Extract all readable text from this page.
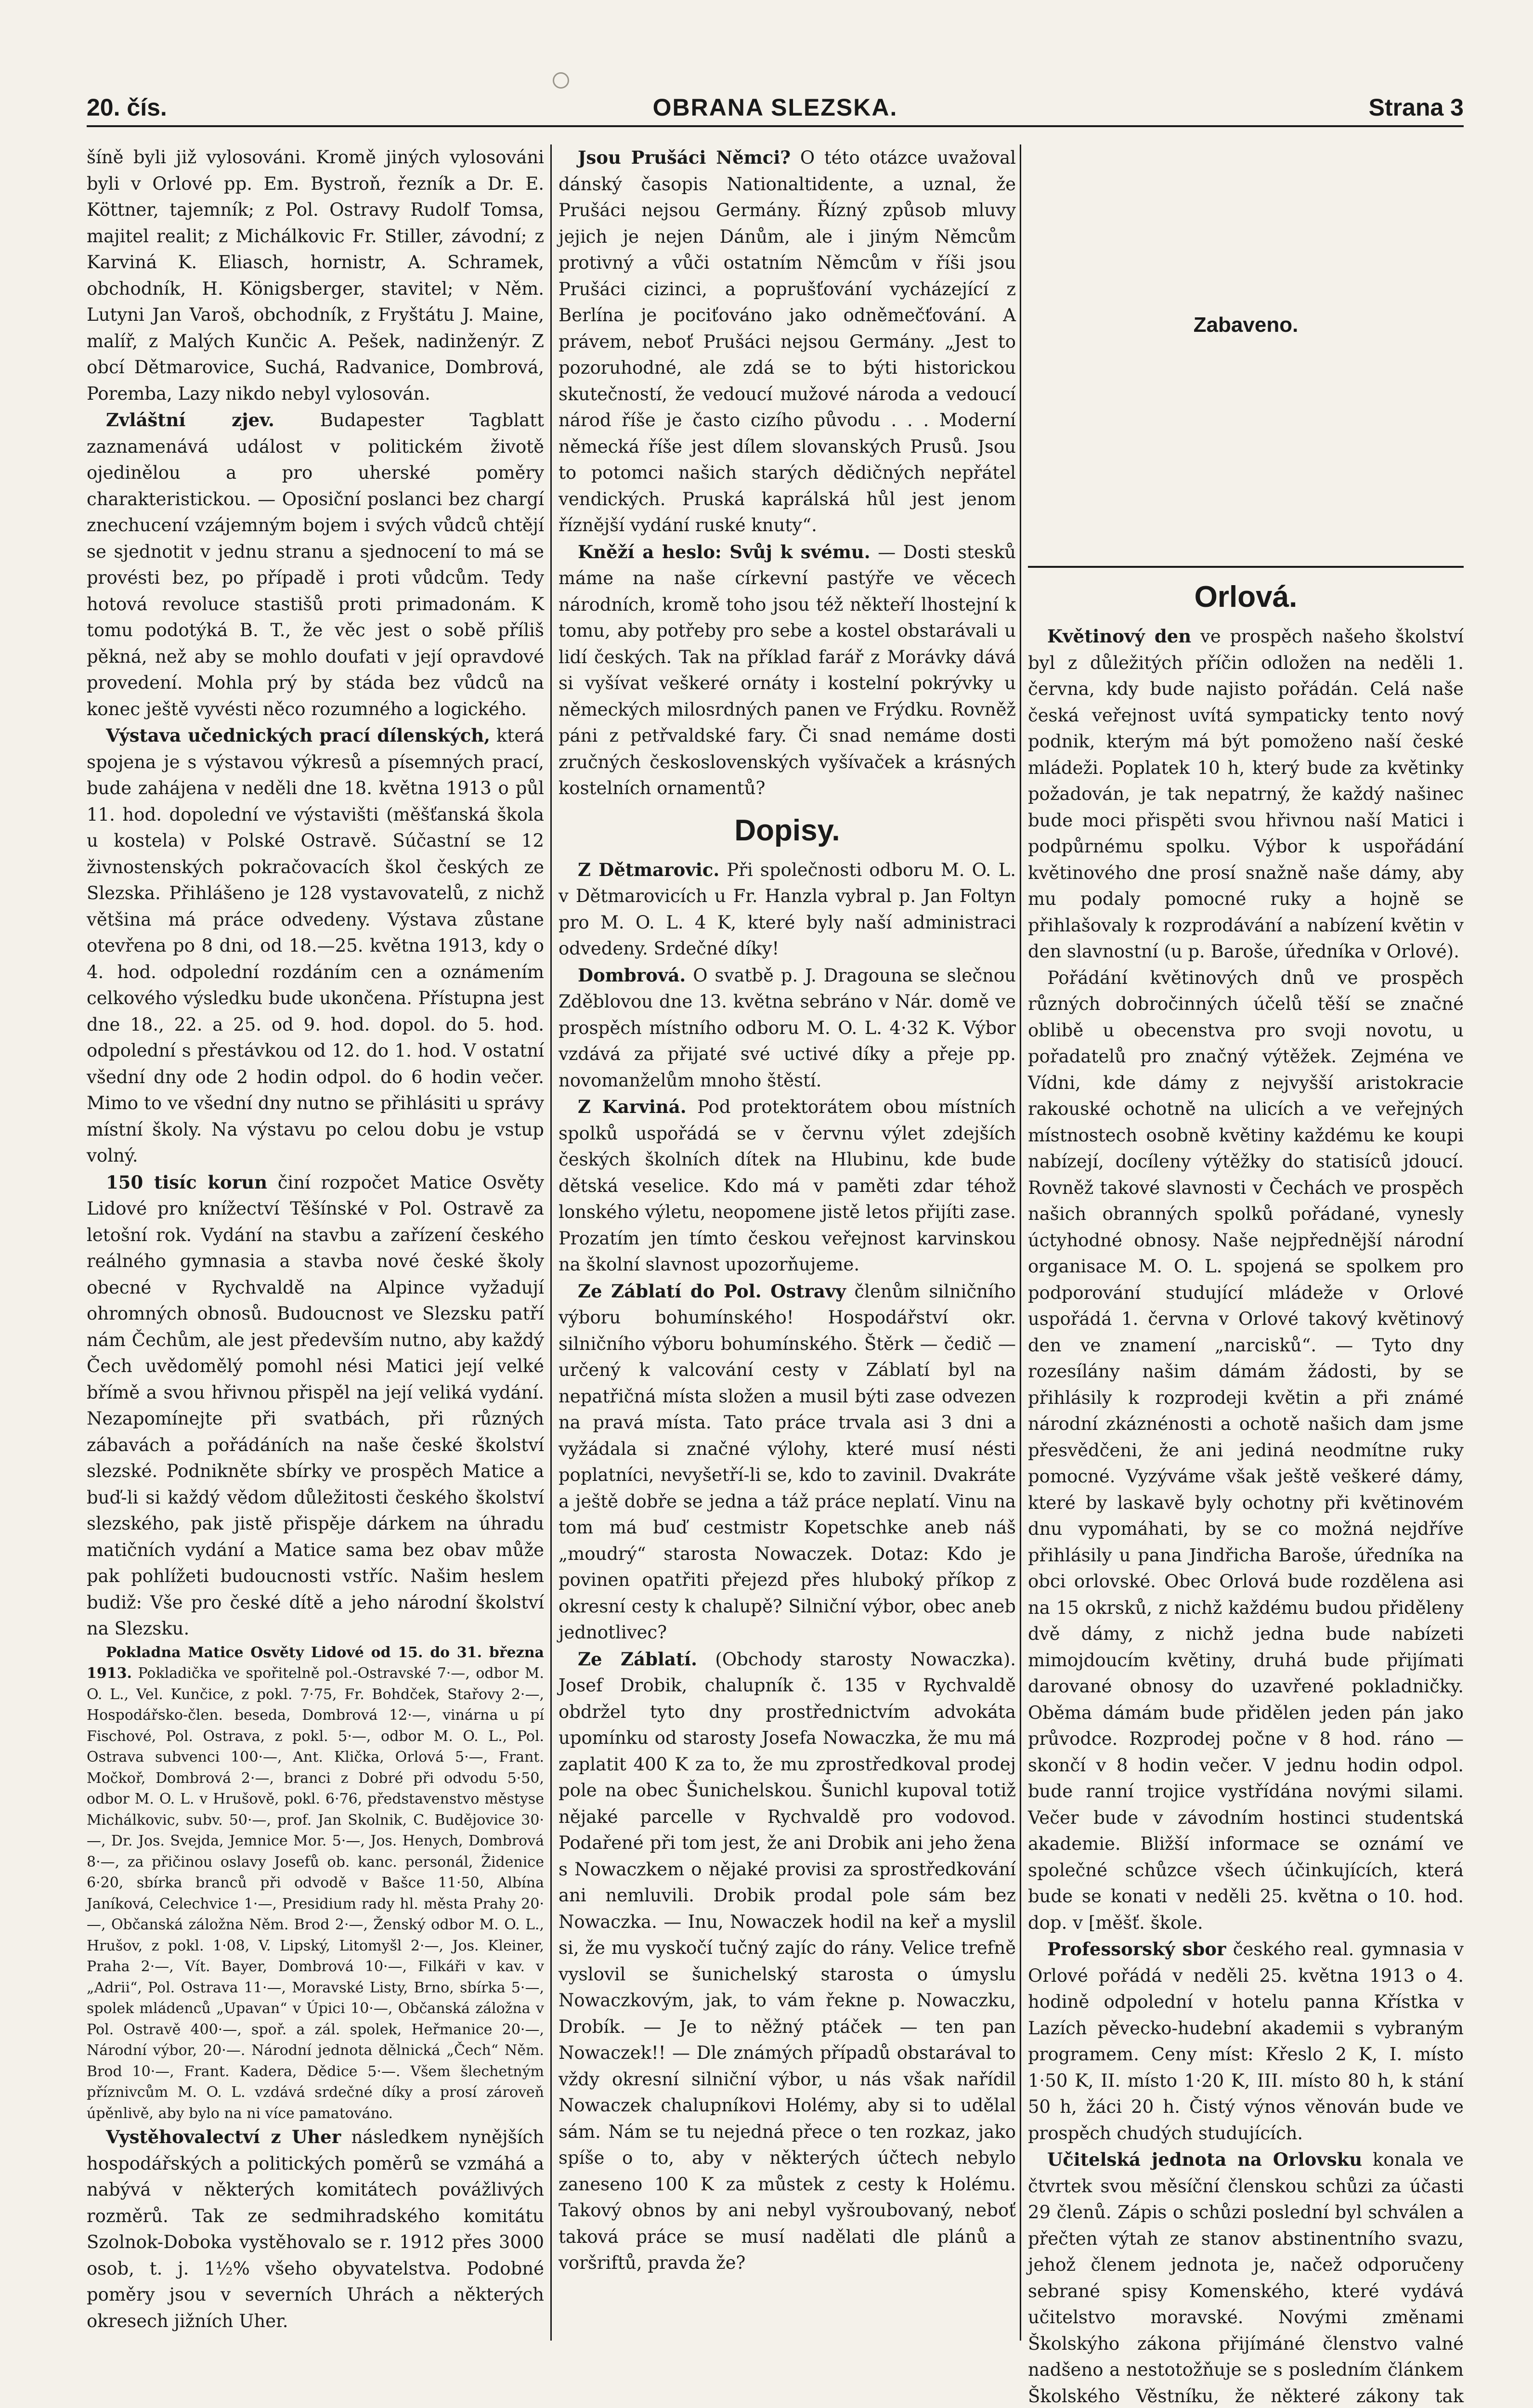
20. čís.	OBRANA SLEZSKA.	Strana 3

šíně byli již vylosováni. Kromě jiných vylosováni byli v Orlové pp. Em. Bystroň, řezník a Dr. E. Köttner, tajemník; z Pol. Ostravy Rudolf Tomsa, majitel realit; z Michálkovic Fr. Stiller, závodní; z Karviná K. Eliasch, hornistr, A. Schramek, obchodník, H. Königsberger, stavitel; v Něm. Lutyni Jan Varoš, obchodník, z Fryštátu J. Maine, malíř, z Malých Kunčic A. Pešek, nadinženýr. Z obcí Dětmarovice, Suchá, Radvanice, Dombrová, Poremba, Lazy nikdo nebyl vylosován.

Zvláštní zjev. Budapester Tagblatt zaznamenává událost v politickém životě ojedinělou a pro uherské poměry charakteristickou. — Oposiční poslanci bez chargí znechucení vzájemným bojem i svých vůdců chtějí se sjednotit v jednu stranu a sjednocení to má se provésti bez, po případě i proti vůdcům. Tedy hotová revoluce stastišů proti primadonám. K tomu podotýká B. T., že věc jest o sobě příliš pěkná, než aby se mohlo doufati v její opravdové provedení. Mohla prý by stáda bez vůdců na konec ještě vyvésti něco rozumného a logického.

Výstava učednických prací dílenských, která spojena je s výstavou výkresů a písemných prací, bude zahájena v neděli dne 18. května 1913 o půl 11. hod. dopolední ve výstavišti (měšťanská škola u kostela) v Polské Ostravě. Súčastní se 12 živnostenských pokračovacích škol českých ze Slezska. Přihlášeno je 128 vystavovatelů, z nichž většina má práce odvedeny. Výstava zůstane otevřena po 8 dni, od 18.—25. května 1913, kdy o 4. hod. odpolední rozdáním cen a oznámením celkového výsledku bude ukončena. Přístupna jest dne 18., 22. a 25. od 9. hod. dopol. do 5. hod. odpolední s přestávkou od 12. do 1. hod. V ostatní všední dny ode 2 hodin odpol. do 6 hodin večer. Mimo to ve všední dny nutno se přihlásiti u správy místní školy. Na výstavu po celou dobu je vstup volný.

150 tisíc korun činí rozpočet Matice Osvěty Lidové pro knížectví Těšínské v Pol. Ostravě za letošní rok. Vydání na stavbu a zařízení českého reálného gymnasia a stavba nové české školy obecné v Rychvaldě na Alpince vyžadují ohromných obnosů. Budoucnost ve Slezsku patří nám Čechům, ale jest především nutno, aby každý Čech uvědomělý pomohl nési Matici její velké břímě a svou hřivnou přispěl na její veliká vydání. Nezapomínejte při svatbách, při různých zábavách a pořádáních na naše české školství slezské. Podnikněte sbírky ve prospěch Matice a buď-li si každý vědom důležitosti českého školství slezského, pak jistě přispěje dárkem na úhradu matičních vydání a Matice sama bez obav může pak pohlížeti budoucnosti vstříc. Našim heslem budiž: Vše pro české dítě a jeho národní školství na Slezsku.

Pokladna Matice Osvěty Lidové od 15. do 31. března 1913. Pokladička ve spořitelně pol.-Ostravské 7·—, odbor M. O. L., Vel. Kunčice, z pokl. 7·75, Fr. Bohdček, Stařovy 2·—, Hospodářsko-člen. beseda, Dombrová 12·—, vinárna u pí Fischové, Pol. Ostrava, z pokl. 5·—, odbor M. O. L., Pol. Ostrava subvenci 100·—, Ant. Klička, Orlová 5·—, Frant. Močkoř, Dombrová 2·—, branci z Dobré při odvodu 5·50, odbor M. O. L. v Hrušově, pokl. 6·76, představenstvo městyse Michálkovic, subv. 50·—, prof. Jan Skolnik, C. Budějovice 30·—, Dr. Jos. Svejda, Jemnice Mor. 5·—, Jos. Henych, Dombrová 8·—, za přičinou oslavy Josefů ob. kanc. personál, Židenice 6·20, sbírka branců při odvodě v Bašce 11·50, Albína Janíková, Celechvice 1·—, Presidium rady hl. města Prahy 20·—, Občanská záložna Něm. Brod 2·—, Ženský odbor M. O. L., Hrušov, z pokl. 1·08, V. Lipský, Litomyšl 2·—, Jos. Kleiner, Praha 2·—, Vít. Bayer, Dombrová 10·—, Filkáři v kav. v „Adrii“, Pol. Ostrava 11·—, Moravské Listy, Brno, sbírka 5·—, spolek mládenců „Upavan“ v Úpici 10·—, Občanská záložna v Pol. Ostravě 400·—, spoř. a zál. spolek, Heřmanice 20·—, Národní výbor, 20·—. Národní jednota dělnická „Čech“ Něm. Brod 10·—, Frant. Kadera, Dědice 5·—. Všem šlechetným příznivcům M. O. L. vzdává srdečné díky a prosí zároveň úpěnlivě, aby bylo na ni více pamatováno.

Vystěhovalectví z Uher následkem nynějších hospodářských a politických poměrů se vzmáhá a nabývá v některých komitátech povážlivých rozměrů. Tak ze sedmihradského komitátu Szolnok-Doboka vystěhovalo se r. 1912 přes 3000 osob, t. j. 1½% všeho obyvatelstva. Podobné poměry jsou v severních Uhrách a některých okresech jižních Uher.

Jsou Prušáci Němci? O této otázce uvažoval dánský časopis Nationaltidente, a uznal, že Prušáci nejsou Germány. Řízný způsob mluvy jejich je nejen Dánům, ale i jiným Němcům protivný a vůči ostatním Němcům v říši jsou Prušáci cizinci, a poprušťování vycházející z Berlína je pociťováno jako odněmečťování. A právem, neboť Prušáci nejsou Germány. „Jest to pozoruhodné, ale zdá se to býti historickou skutečností, že vedoucí mužové národa a vedoucí národ říše je často cizího původu . . . Moderní německá říše jest dílem slovanských Prusů. Jsou to potomci našich starých dědičných nepřátel vendických. Pruská kaprálská hůl jest jenom říznější vydání ruské knuty“.

Kněží a heslo: Svůj k svému. — Dosti stesků máme na naše církevní pastýře ve věcech národních, kromě toho jsou též někteří lhostejní k tomu, aby potřeby pro sebe a kostel obstarávali u lidí českých. Tak na příklad farář z Morávky dává si vyšívat veškeré ornáty i kostelní pokrývky u německých milosrdných panen ve Frýdku. Rovněž páni z petřvaldské fary. Či snad nemáme dosti zručných československých vyšívaček a krásných kostelních ornamentů?

Dopisy.

Z Dětmarovic. Při společnosti odboru M. O. L. v Dětmarovicích u Fr. Hanzla vybral p. Jan Foltyn pro M. O. L. 4 K, které byly naší administraci odvedeny. Srdečné díky!

Dombrová. O svatbě p. J. Dragouna se slečnou Zděblovou dne 13. května sebráno v Nár. domě ve prospěch místního odboru M. O. L. 4·32 K. Výbor vzdává za přijaté své uctivé díky a přeje pp. novomanželům mnoho štěstí.

Z Karviná. Pod protektorátem obou místních spolků uspořádá se v červnu výlet zdejších českých školních dítek na Hlubinu, kde bude dětská veselice. Kdo má v paměti zdar téhož lonského výletu, neopomene jistě letos přijíti zase. Prozatím jen tímto českou veřejnost karvinskou na školní slavnost upozorňujeme.

Ze Záblatí do Pol. Ostravy členům silničního výboru bohumínského! Hospodářství okr. silničního výboru bohumínského. Štěrk — čedič — určený k valcování cesty v Záblatí byl na nepatřičná místa složen a musil býti zase odvezen na pravá místa. Tato práce trvala asi 3 dni a vyžádala si značné výlohy, které musí nésti poplatníci, nevyšetří-li se, kdo to zavinil. Dvakráte a ještě dobře se jedna a táž práce neplatí. Vinu na tom má buď cestmistr Kopetschke aneb náš „moudrý“ starosta Nowaczek. Dotaz: Kdo je povinen opatřiti přejezd přes hluboký příkop z okresní cesty k chalupě? Silniční výbor, obec aneb jednotlivec?

Ze Záblatí. (Obchody starosty Nowaczka). Josef Drobik, chalupník č. 135 v Rychvaldě obdržel tyto dny prostřednictvím advokáta upomínku od starosty Josefa Nowaczka, že mu má zaplatit 400 K za to, že mu zprostředkoval prodej pole na obec Šunichelskou. Šunichl kupoval totiž nějaké parcelle v Rychvaldě pro vodovod. Podařené při tom jest, že ani Drobik ani jeho žena s Nowaczkem o nějaké provisi za sprostředkování ani nemluvili. Drobik prodal pole sám bez Nowaczka. — Inu, Nowaczek hodil na keř a myslil si, že mu vyskočí tučný zajíc do rány. Velice trefně vyslovil se šunichelský starosta o úmyslu Nowaczkovým, jak, to vám řekne p. Nowaczku, Drobík. — Je to něžný ptáček — ten pan Nowaczek!! — Dle známých případů obstarával to vždy okresní silniční výbor, u nás však nařídil Nowaczek chalupníkovi Holémy, aby si to udělal sám. Nám se tu nejedná přece o ten rozkaz, jako spíše o to, aby v některých účtech nebylo zaneseno 100 K za můstek z cesty k Holému. Takový obnos by ani nebyl vyšroubovaný, neboť taková práce se musí nadělati dle plánů a voršriftů, pravda že?

Zabaveno.
Orlová.

Květinový den ve prospěch našeho školství byl z důležitých příčin odložen na neděli 1. června, kdy bude najisto pořádán. Celá naše česká veřejnost uvítá sympaticky tento nový podnik, kterým má být pomoženo naší české mládeži. Poplatek 10 h, který bude za květinky požadován, je tak nepatrný, že každý našinec bude moci přispěti svou hřivnou naší Matici i podpůrnému spolku. Výbor k uspořádání květinového dne prosí snažně naše dámy, aby mu podaly pomocné ruky a hojně se přihlašovaly k rozprodávání a nabízení květin v den slavnostní (u p. Baroše, úředníka v Orlové).

Pořádání květinových dnů ve prospěch různých dobročinných účelů těší se značné oblibě u obecenstva pro svoji novotu, u pořadatelů pro značný výtěžek. Zejména ve Vídni, kde dámy z nejvyšší aristokracie rakouské ochotně na ulicích a ve veřejných místnostech osobně květiny každému ke koupi nabízejí, docíleny výtěžky do statisíců jdoucí. Rovněž takové slavnosti v Čechách ve prospěch našich obranných spolků pořádané, vynesly úctyhodné obnosy. Naše nejpřednější národní organisace M. O. L. spojená se spolkem pro podporování studující mládeže v Orlové uspořádá 1. června v Orlové takový květinový den ve znamení „narcisků“. — Tyto dny rozesílány našim dámám žádosti, by se přihlásily k rozprodeji květin a při známé národní zkáznénosti a ochotě našich dam jsme přesvědčeni, že ani jediná neodmítne ruky pomocné. Vyzýváme však ještě veškeré dámy, které by laskavě byly ochotny při květinovém dnu vypomáhati, by se co možná nejdříve přihlásily u pana Jindřicha Baroše, úředníka na obci orlovské. Obec Orlová bude rozdělena asi na 15 okrsků, z nichž každému budou přiděleny dvě dámy, z nichž jedna bude nabízeti mimojdoucím květiny, druhá bude přijímati darované obnosy do uzavřené pokladničky. Oběma dámám bude přidělen jeden pán jako průvodce. Rozprodej počne v 8 hod. ráno — skončí v 8 hodin večer. V jednu hodin odpol. bude ranní trojice vystřídána novými silami. Večer bude v závodním hostinci studentská akademie. Bližší informace se oznámí ve společné schůzce všech účinkujících, která bude se konati v neděli 25. května o 10. hod. dop. v [měšť. škole.

Professorský sbor českého real. gymnasia v Orlové pořádá v neděli 25. května 1913 o 4. hodině odpolední v hotelu panna Křístka v Lazích pěvecko-hudební akademii s vybraným programem. Ceny míst: Křeslo 2 K, I. místo 1·50 K, II. místo 1·20 K, III. místo 80 h, k stání 50 h, žáci 20 h. Čistý výnos věnován bude ve prospěch chudých studujících.

Učitelská jednota na Orlovsku konala ve čtvrtek svou měsíční členskou schůzi za účasti 29 členů. Zápis o schůzi poslední byl schválen a přečten výtah ze stanov abstinentního svazu, jehož členem jednota je, načež odporučeny sebrané spisy Komenského, které vydává učitelstvo moravské. Novými změnami Školskýho zákona přijímáné členstvo valné nadšeno a nestotožňuje se s posledním článkem Školského Věstníku, že některé zákony tak
